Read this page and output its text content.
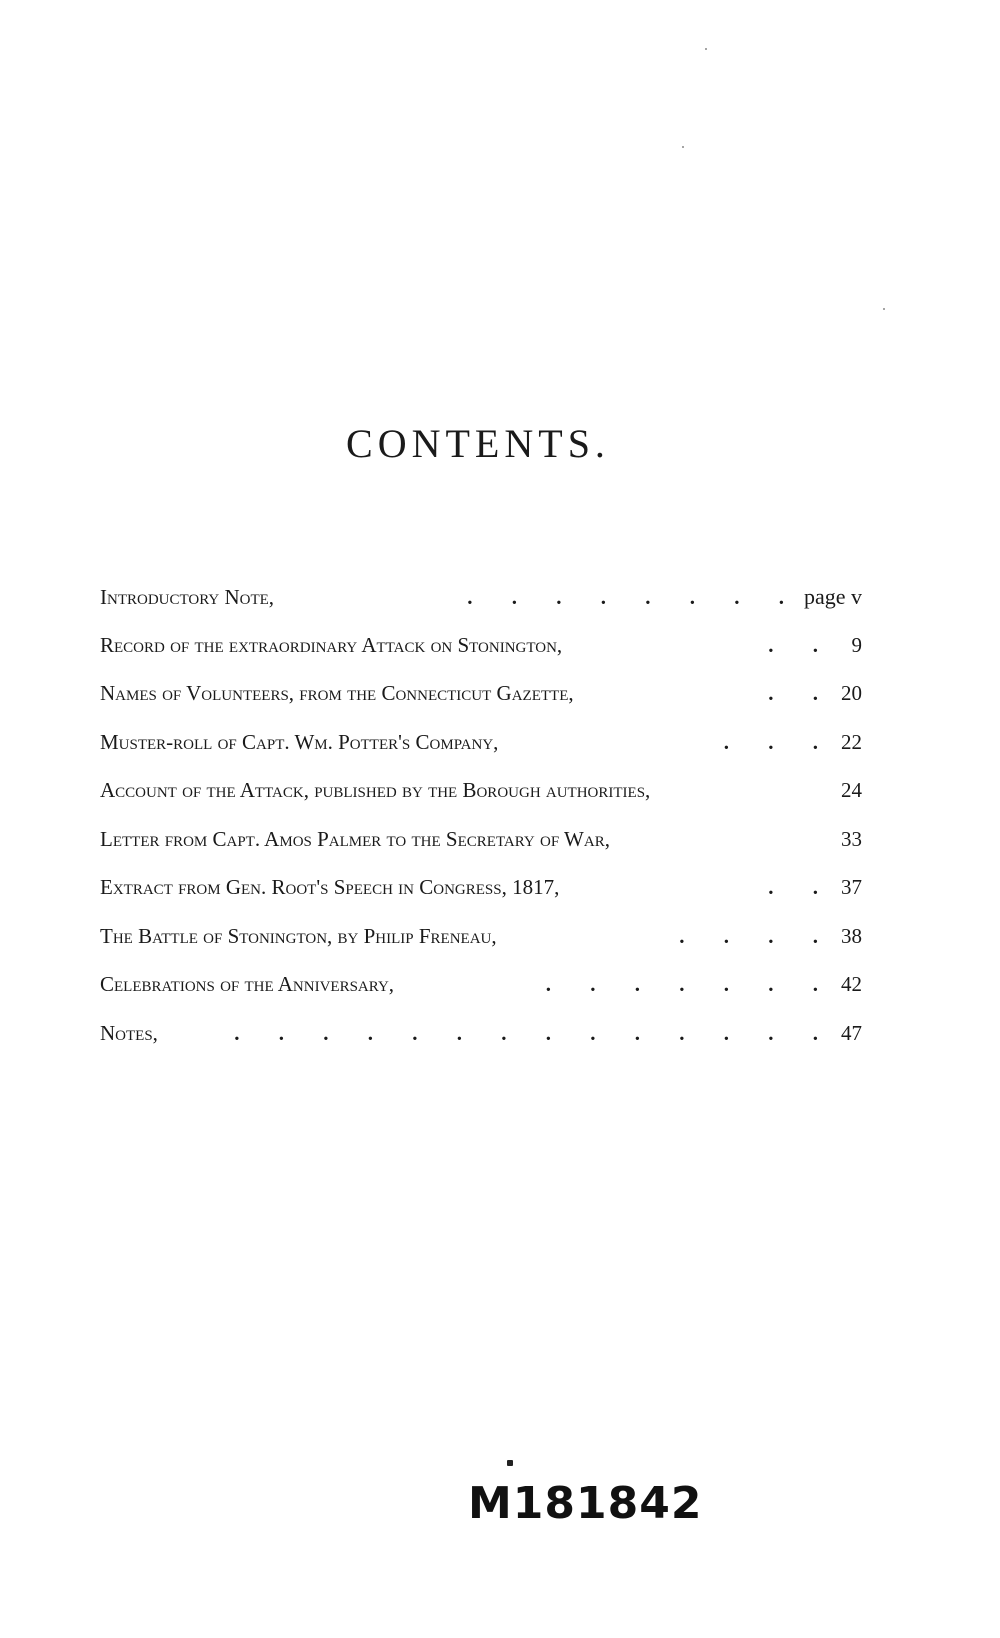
CONTENTS.
Introductory Note,	. . . . . . . . page v
Record of the extraordinary Attack on Stonington,	. .	9
Names of Volunteers, from the Connecticut Gazette,	. .	20
Muster-roll of Capt. Wm. Potter's Company,	. . .	22
Account of the Attack, published by the Borough authorities,	24
Letter from Capt. Amos Palmer to the Secretary of War,	33
Extract from Gen. Root's Speech in Congress, 1817,	. .	37
The Battle of Stonington, by Philip Freneau,	. . . .	38
Celebrations of the Anniversary,	. . . . . . .	42
Notes,	. . . . . . . . . . . . . .	47
M181842
